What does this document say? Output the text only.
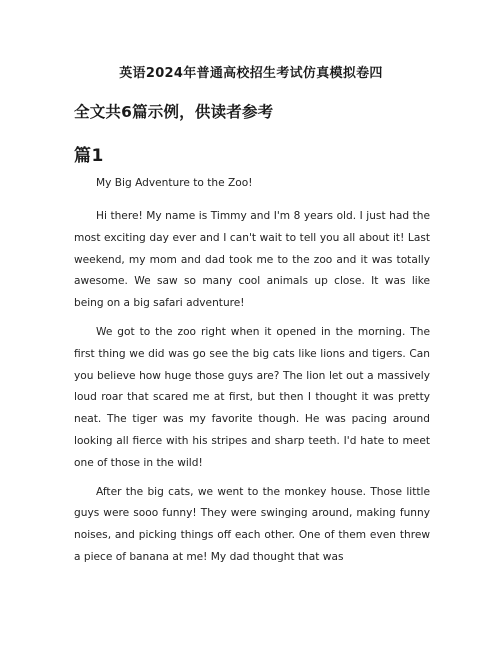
英语2024年普通高校招生考试仿真模拟卷四
全文共6篇示例，供读者参考
篇1
My Big Adventure to the Zoo!

Hi there! My name is Timmy and I'm 8 years old. I just had the most exciting day ever and I can't wait to tell you all about it! Last weekend, my mom and dad took me to the zoo and it was totally awesome. We saw so many cool animals up close. It was like being on a big safari adventure!

We got to the zoo right when it opened in the morning. The first thing we did was go see the big cats like lions and tigers. Can you believe how huge those guys are? The lion let out a massively loud roar that scared me at first, but then I thought it was pretty neat. The tiger was my favorite though. He was pacing around looking all fierce with his stripes and sharp teeth. I'd hate to meet one of those in the wild!

After the big cats, we went to the monkey house. Those little guys were sooo funny! They were swinging around, making funny noises, and picking things off each other. One of them even threw a piece of banana at me! My dad thought that was
